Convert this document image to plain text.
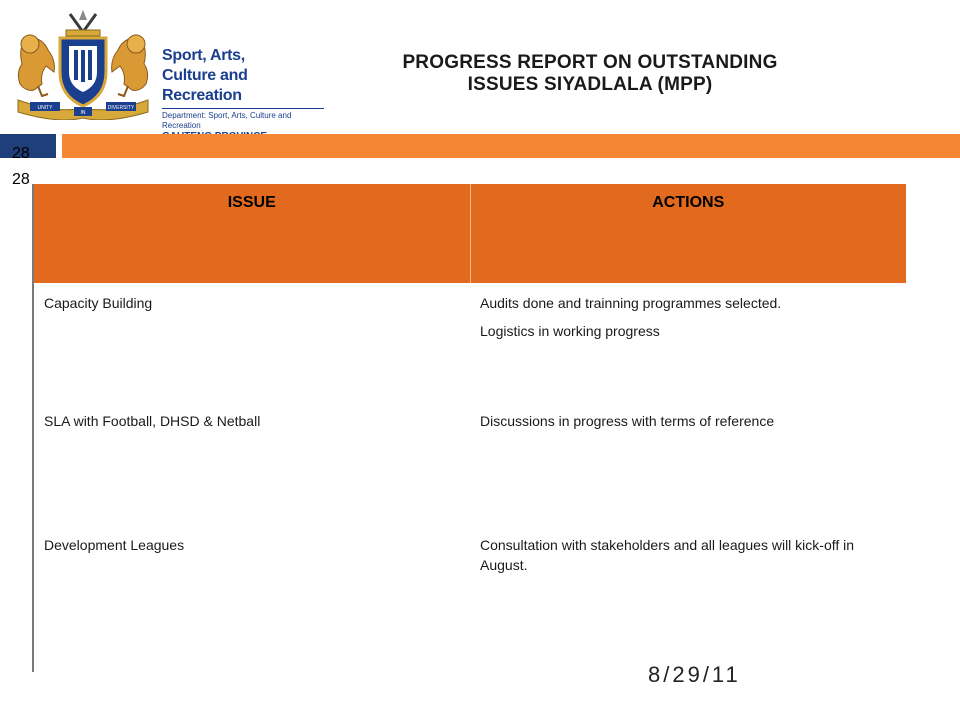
UNITY
IN
DIVERSITY
Sport, Arts,
Culture and Recreation
Department: Sport, Arts, Culture and Recreation
PROGRESS REPORT ON OUTSTANDING
ISSUES SIYADLALA (MPP)
28
28
ISSUE	ACTIONS
Capacity Building	Audits done and trainning programmes selected.

Logistics in working progress

SLA with Football, DHSD & Netball	Discussions in progress with terms of reference

Development Leagues	Consultation with stakeholders and all leagues will kick-off in August.

8/29/11
